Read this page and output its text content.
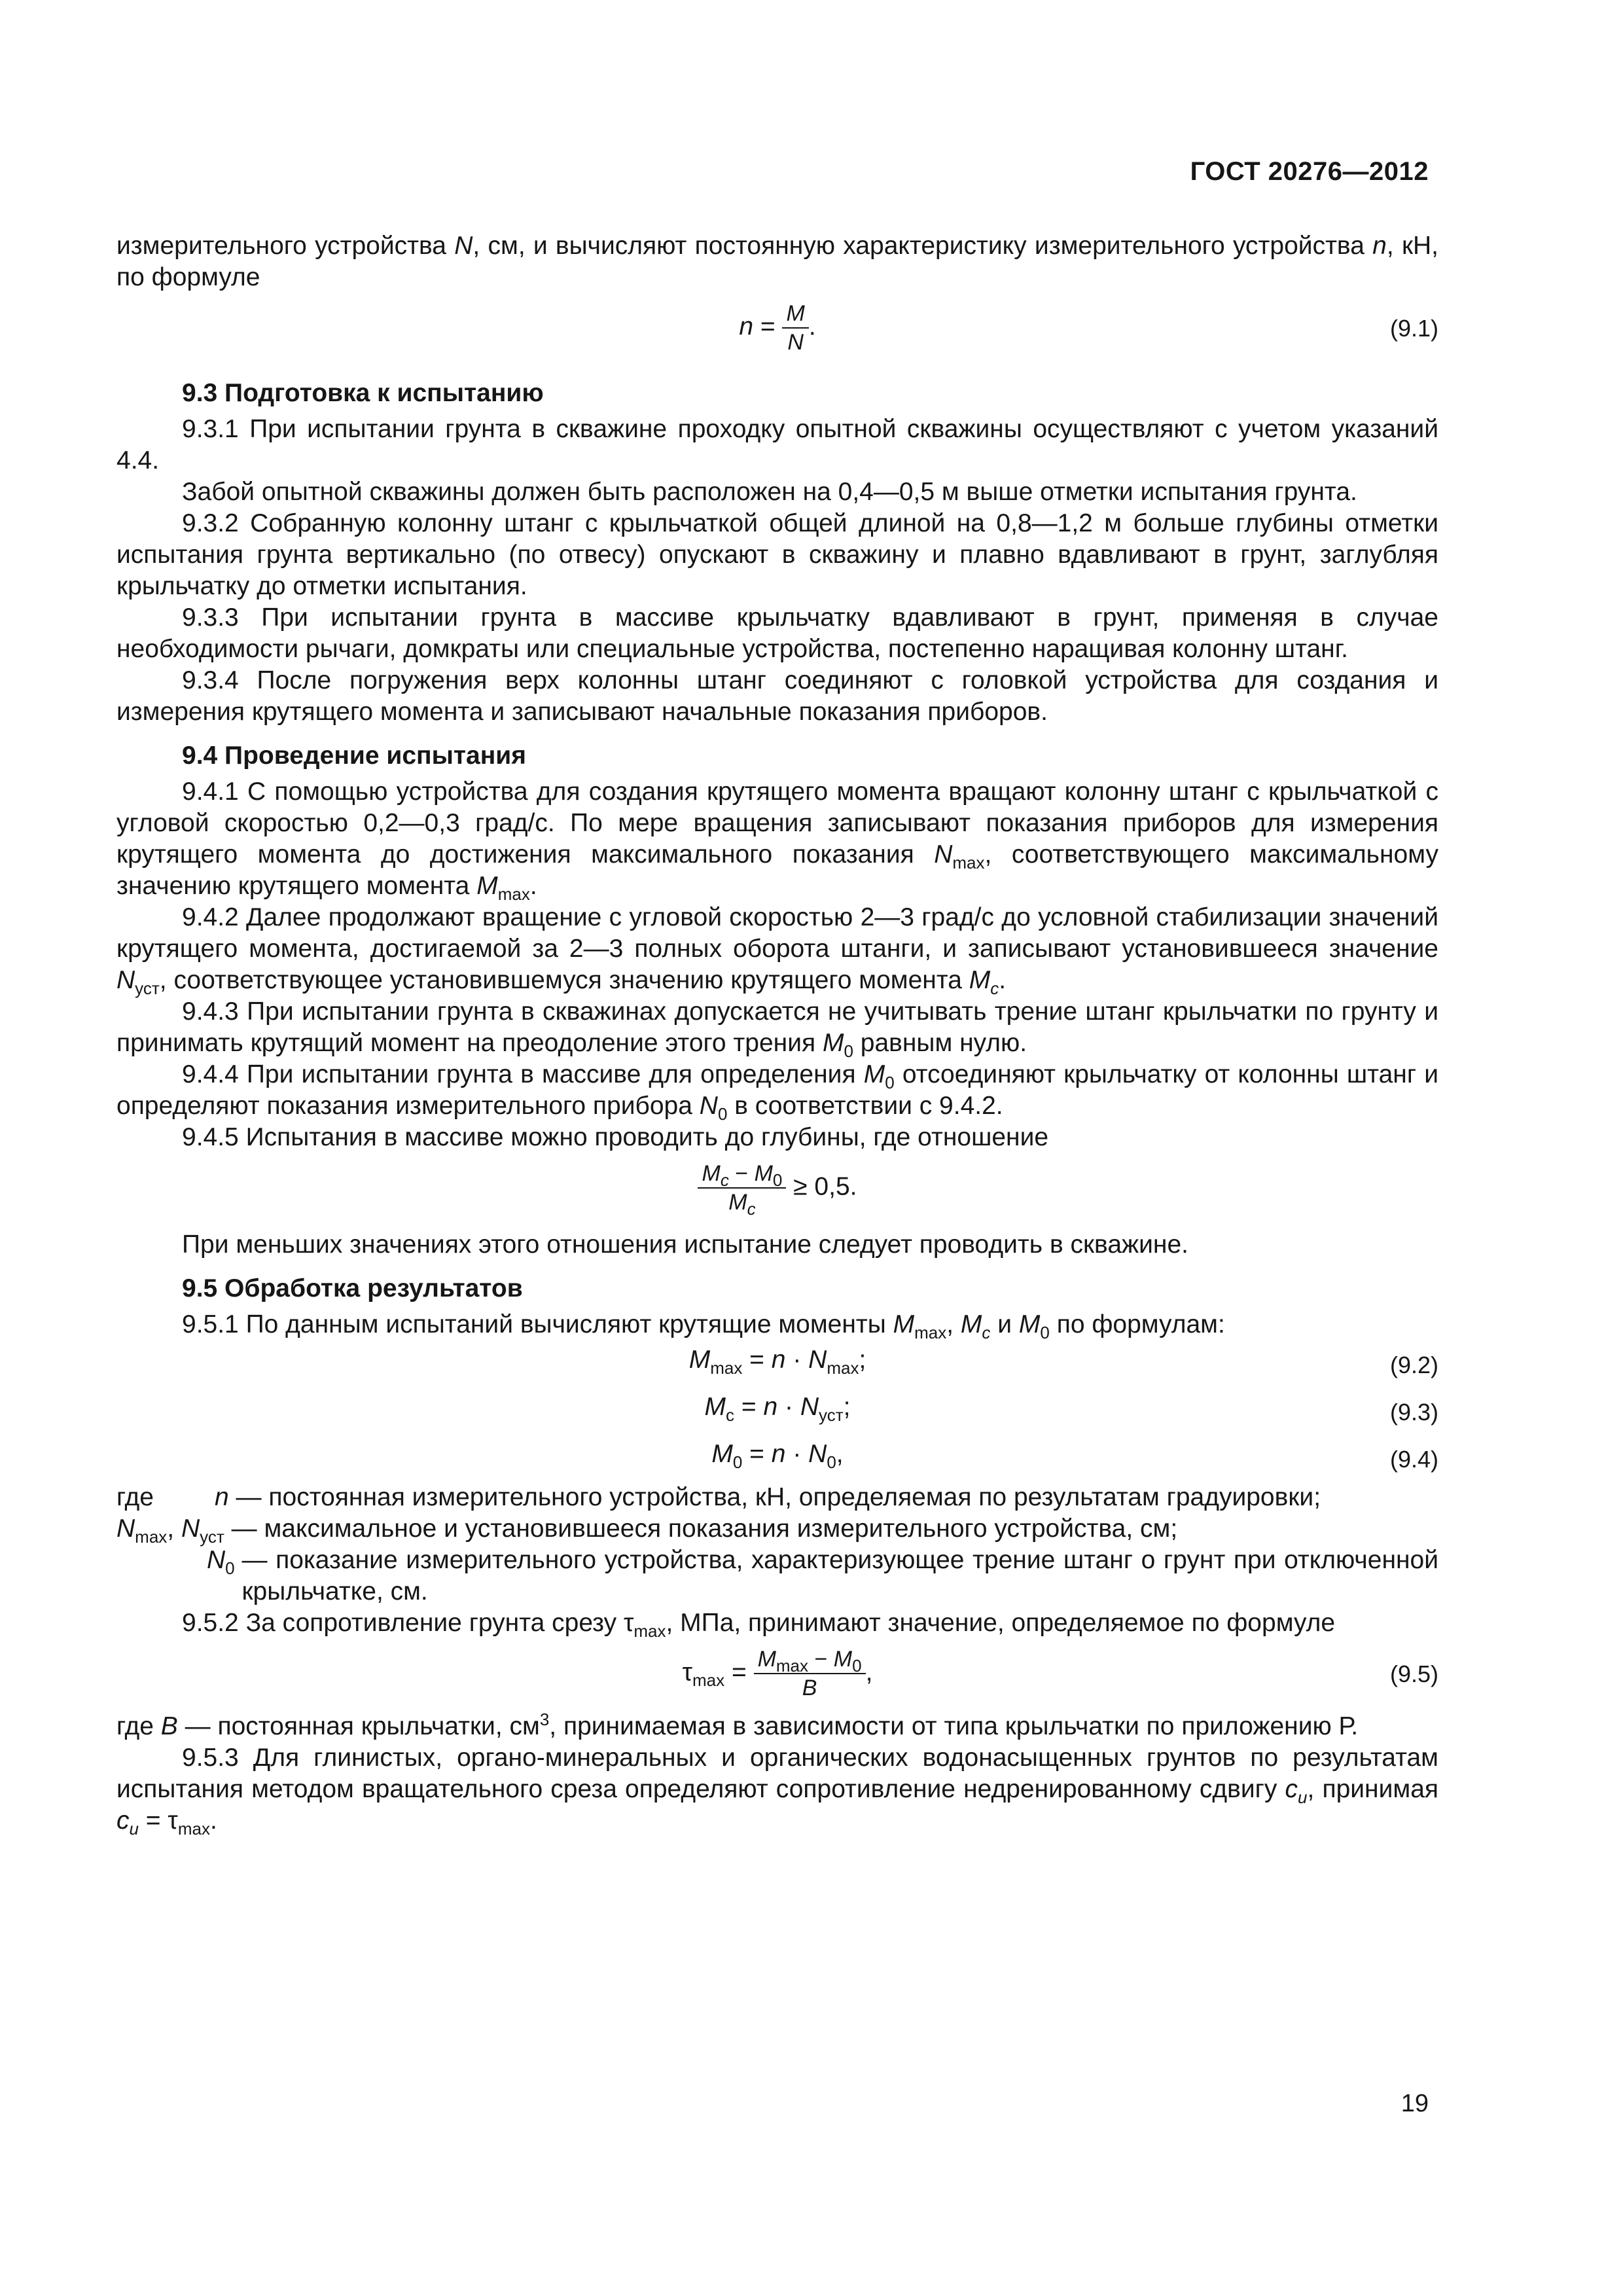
ГОСТ 20276—2012

измерительного устройства N, см, и вычисляют постоянную характеристику измерительного устройства n, кН, по формуле

$n = \frac{M}{N}$ .	(9.1)
9.3 Подготовка к испытанию

9.3.1 При испытании грунта в скважине проходку опытной скважины осуществляют с учетом указаний 4.4.

Забой опытной скважины должен быть расположен на 0,4—0,5 м выше отметки испытания грунта.

9.3.2 Собранную колонну штанг с крыльчаткой общей длиной на 0,8—1,2 м больше глубины отметки испытания грунта вертикально (по отвесу) опускают в скважину и плавно вдавливают в грунт, заглубляя крыльчатку до отметки испытания.

9.3.3 При испытании грунта в массиве крыльчатку вдавливают в грунт, применяя в случае необходимости рычаги, домкраты или специальные устройства, постепенно наращивая колонну штанг.

9.3.4 После погружения верх колонны штанг соединяют с головкой устройства для создания и измерения крутящего момента и записывают начальные показания приборов.

9.4 Проведение испытания

9.4.1 С помощью устройства для создания крутящего момента вращают колонну штанг с крыльчаткой с угловой скоростью 0,2—0,3 град/с. По мере вращения записывают показания приборов для измерения крутящего момента до достижения максимального показания $N_{max}$, соответствующего максимальному значению крутящего момента $M_{max}$.

9.4.2 Далее продолжают вращение с угловой скоростью 2—3 град/с до условной стабилизации значений крутящего момента, достигаемой за 2—3 полных оборота штанги, и записывают установившееся значение $N_{уст}$, соответствующее установившемуся значению крутящего момента $M_c$.

9.4.3 При испытании грунта в скважинах допускается не учитывать трение штанг крыльчатки по грунту и принимать крутящий момент на преодоление этого трения $M_0$ равным нулю.

9.4.4 При испытании грунта в массиве для определения $M_0$ отсоединяют крыльчатку от колонны штанг и определяют показания измерительного прибора $N_0$ в соответствии с 9.4.2.

9.4.5 Испытания в массиве можно проводить до глубины, где отношение

$\frac{M_c - M_0}{M_c} \ge 0,5$.

При меньших значениях этого отношения испытание следует проводить в скважине.

9.5 Обработка результатов

9.5.1 По данным испытаний вычисляют крутящие моменты $M_{max}$, $M_c$ и $M_0$ по формулам:

$M_{max} = n \cdot N_{max}$;	(9.2)
$M_c = n \cdot N_{уст}$;	(9.3)
$M_0 = n \cdot N_0$,	(9.4)
где	n — постоянная измерительного устройства, кН, определяемая по результатам градуировки;
$N_{max}$, $N_{уст}$ — максимальное и установившееся показания измерительного устройства, см;
$N_0$ — показание измерительного устройства, характеризующее трение штанг о грунт при отключенной крыльчатке, см.

9.5.2 За сопротивление грунта срезу $\tau_{max}$, МПа, принимают значение, определяемое по формуле

$\tau_{max} = \frac{M_{max} - M_0}{B}$ ,	(9.5)

где B — постоянная крыльчатки, $см^3$, принимаемая в зависимости от типа крыльчатки по приложению Р.

9.5.3 Для глинистых, органо-минеральных и органических водонасыщенных грунтов по результатам испытания методом вращательного среза определяют сопротивление недренированному сдвигу $c_u$, принимая $c_u = \tau_{max}$.

19
